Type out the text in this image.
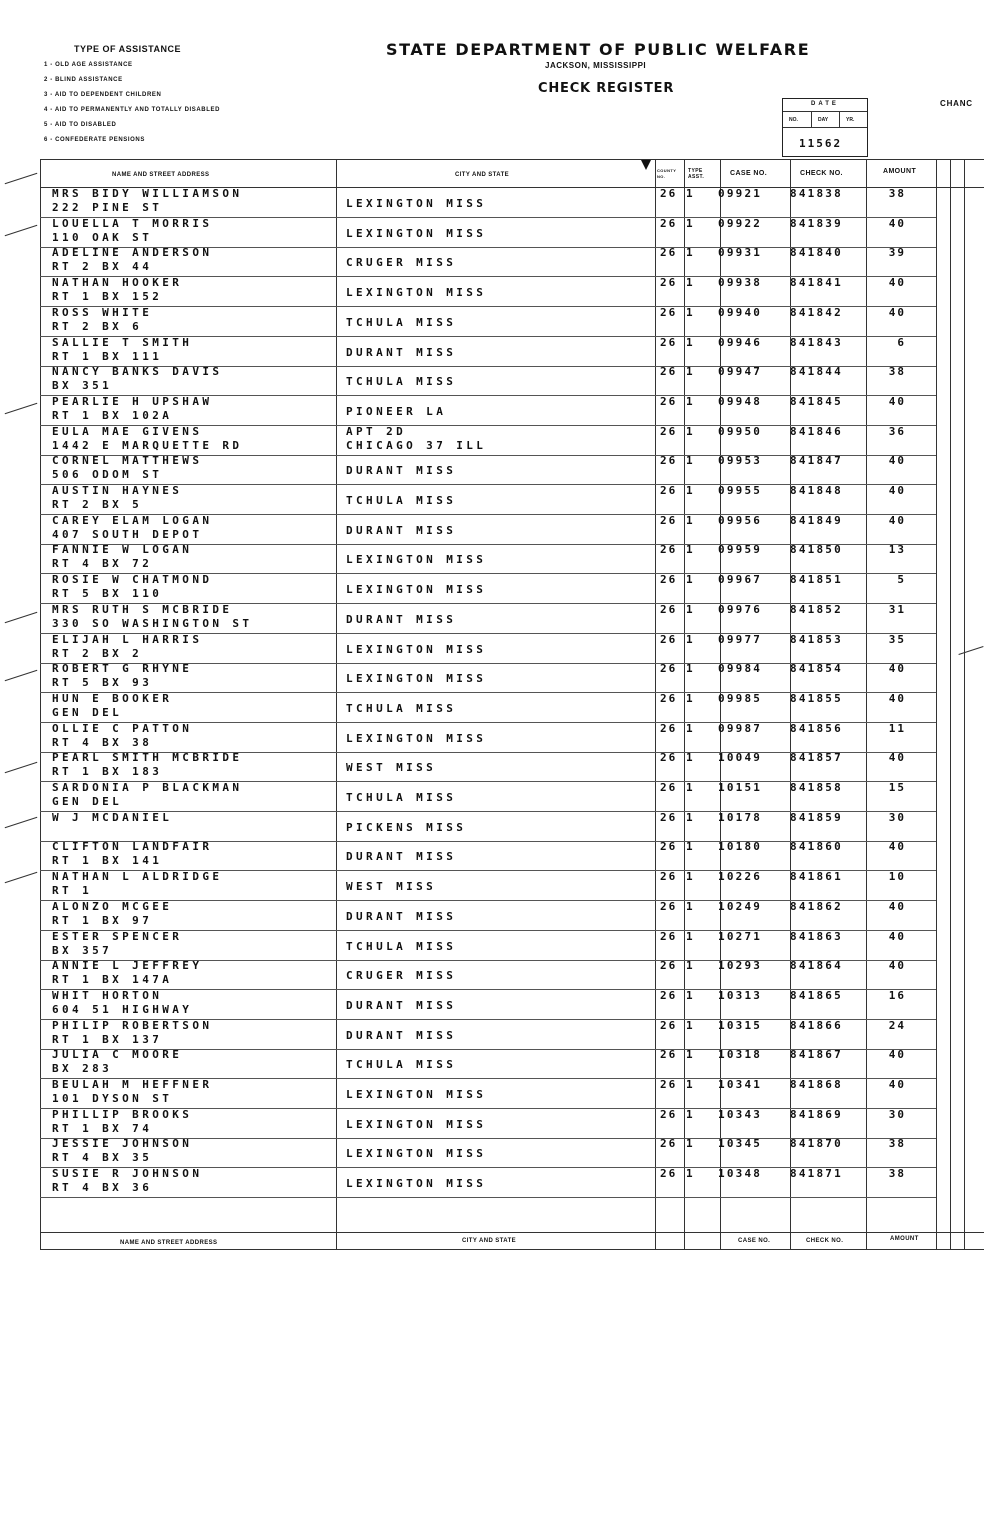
TYPE OF ASSISTANCE
1 - OLD AGE ASSISTANCE
2 - BLIND ASSISTANCE
3 - AID TO DEPENDENT CHILDREN
4 - AID TO PERMANENTLY AND TOTALLY DISABLED
5 - AID TO DISABLED
6 - CONFEDERATE PENSIONS
STATE DEPARTMENT OF PUBLIC WELFARE
JACKSON, MISSISSIPPI
CHECK REGISTER
CHANC
DATE
NO.	DAY	YR.
11562
NAME AND STREET ADDRESS	CITY AND STATE
COUNTY NO.
TYPE ASST.	CASE NO.	CHECK NO.	AMOUNT
NAME AND STREET ADDRESS	CITY AND STATE	CASE NO.	CHECK NO.	AMOUNT
MRS BIDY WILLIAMSON
222 PINE ST	LEXINGTON MISS
26 1 09921	841838	38
LOUELLA T MORRIS
110 OAK ST	LEXINGTON MISS
26 1 09922	841839	40
ADELINE ANDERSON
RT 2 BX 44	CRUGER MISS
26 1 09931	841840	39
NATHAN HOOKER
RT 1 BX 152	LEXINGTON MISS
26 1 09938	841841	40
ROSS WHITE
RT 2 BX 6	TCHULA MISS
26 1 09940	841842	40
SALLIE T SMITH
RT 1 BX 111	DURANT MISS
26 1 09946	841843	6
NANCY BANKS DAVIS
BX 351	TCHULA MISS
26 1 09947	841844	38
PEARLIE H UPSHAW
RT 1 BX 102A	PIONEER LA
26 1 09948	841845	40
EULA MAE GIVENS
1442 E MARQUETTE RD
APT 2D
CHICAGO 37 ILL
26 1 09950	841846	36
CORNEL MATTHEWS
506 ODOM ST	DURANT MISS
26 1 09953	841847	40
AUSTIN HAYNES
RT 2 BX 5	TCHULA MISS
26 1 09955	841848	40
CAREY ELAM LOGAN
407 SOUTH DEPOT	DURANT MISS
26 1 09956	841849	40
FANNIE W LOGAN
RT 4 BX 72	LEXINGTON MISS
26 1 09959	841850	13
ROSIE W CHATMOND
RT 5 BX 110	LEXINGTON MISS
26 1 09967	841851	5
MRS RUTH S MCBRIDE
330 SO WASHINGTON ST	DURANT MISS
26 1 09976	841852	31
ELIJAH L HARRIS
RT 2 BX 2	LEXINGTON MISS
26 1 09977	841853	35
ROBERT G RHYNE
RT 5 BX 93	LEXINGTON MISS
26 1 09984	841854	40
HUN E BOOKER
GEN DEL	TCHULA MISS
26 1 09985	841855	40
OLLIE C PATTON
RT 4 BX 38	LEXINGTON MISS
26 1 09987	841856	11
PEARL SMITH MCBRIDE
RT 1 BX 183	WEST MISS
26 1 10049	841857	40
SARDONIA P BLACKMAN
GEN DEL	TCHULA MISS
26 1 10151	841858	15
W J MCDANIEL
PICKENS MISS
26 1 10178	841859	30
CLIFTON LANDFAIR
RT 1 BX 141	DURANT MISS
26 1 10180	841860	40
NATHAN L ALDRIDGE
RT 1	WEST MISS
26 1 10226	841861	10
ALONZO MCGEE
RT 1 BX 97	DURANT MISS
26 1 10249	841862	40
ESTER SPENCER
BX 357	TCHULA MISS
26 1 10271	841863	40
ANNIE L JEFFREY
RT 1 BX 147A	CRUGER MISS
26 1 10293	841864	40
WHIT HORTON
604 51 HIGHWAY	DURANT MISS
26 1 10313	841865	16
PHILIP ROBERTSON
RT 1 BX 137	DURANT MISS
26 1 10315	841866	24
JULIA C MOORE
BX 283	TCHULA MISS
26 1 10318	841867	40
BEULAH M HEFFNER
101 DYSON ST	LEXINGTON MISS
26 1 10341	841868	40
PHILLIP BROOKS
RT 1 BX 74	LEXINGTON MISS
26 1 10343	841869	30
JESSIE JOHNSON
RT 4 BX 35	LEXINGTON MISS
26 1 10345	841870	38
SUSIE R JOHNSON
RT 4 BX 36	LEXINGTON MISS
26 1 10348	841871	38
